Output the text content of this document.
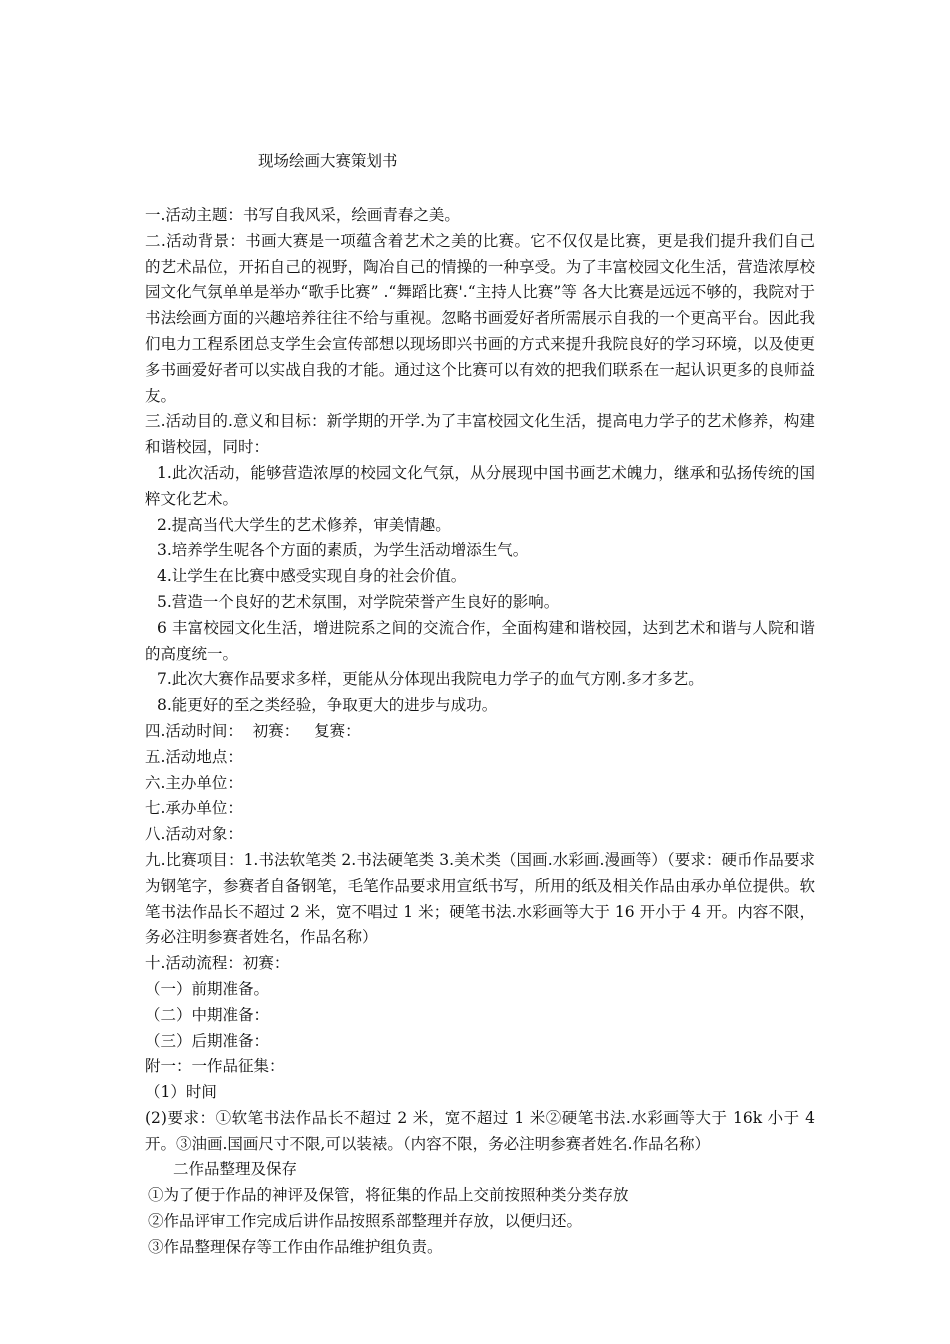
现场绘画大赛策划书

一.活动主题：书写自我风采，绘画青春之美。

二.活动背景：书画大赛是一项蕴含着艺术之美的比赛。它不仅仅是比赛，更是我们提升我们自己的艺术品位，开拓自己的视野，陶冶自己的情操的一种享受。为了丰富校园文化生活，营造浓厚校园文化气氛单单是举办“歌手比赛” .“舞蹈比赛'.“主持人比赛”等 各大比赛是远远不够的，我院对于书法绘画方面的兴趣培养往往不给与重视。忽略书画爱好者所需展示自我的一个更高平台。因此我们电力工程系团总支学生会宣传部想以现场即兴书画的方式来提升我院良好的学习环境，以及使更多书画爱好者可以实战自我的才能。通过这个比赛可以有效的把我们联系在一起认识更多的良师益友。

三.活动目的.意义和目标：新学期的开学.为了丰富校园文化生活，提高电力学子的艺术修养，构建和谐校园，同时：

1.此次活动，能够营造浓厚的校园文化气氛，从分展现中国书画艺术魄力，继承和弘扬传统的国粹文化艺术。

2.提高当代大学生的艺术修养，审美情趣。

3.培养学生呢各个方面的素质，为学生活动增添生气。

4.让学生在比赛中感受实现自身的社会价值。

5.营造一个良好的艺术氛围，对学院荣誉产生良好的影响。

6 丰富校园文化生活，增进院系之间的交流合作，全面构建和谐校园，达到艺术和谐与人院和谐的高度统一。

7.此次大赛作品要求多样，更能从分体现出我院电力学子的血气方刚.多才多艺。

8.能更好的至之类经验，争取更大的进步与成功。

四.活动时间：  初赛：   复赛：

五.活动地点：

六.主办单位：

七.承办单位：

八.活动对象：

九.比赛项目：1.书法软笔类 2.书法硬笔类 3.美术类（国画.水彩画.漫画等）（要求：硬币作品要求为钢笔字，参赛者自备钢笔，毛笔作品要求用宣纸书写，所用的纸及相关作品由承办单位提供。软笔书法作品长不超过 2 米，宽不唱过 1 米；硬笔书法.水彩画等大于 16 开小于 4 开。内容不限，务必注明参赛者姓名，作品名称）

十.活动流程：初赛：

（一）前期准备。

（二）中期准备：

（三）后期准备：

附一：一作品征集：

（1）时间

(2)要求：①软笔书法作品长不超过 2 米，宽不超过 1 米②硬笔书法.水彩画等大于 16k 小于 4 开。③油画.国画尺寸不限,可以装裱。（内容不限，务必注明参赛者姓名.作品名称）

二作品整理及保存

①为了便于作品的神评及保管，将征集的作品上交前按照种类分类存放

②作品评审工作完成后讲作品按照系部整理并存放，以便归还。

③作品整理保存等工作由作品维护组负责。
